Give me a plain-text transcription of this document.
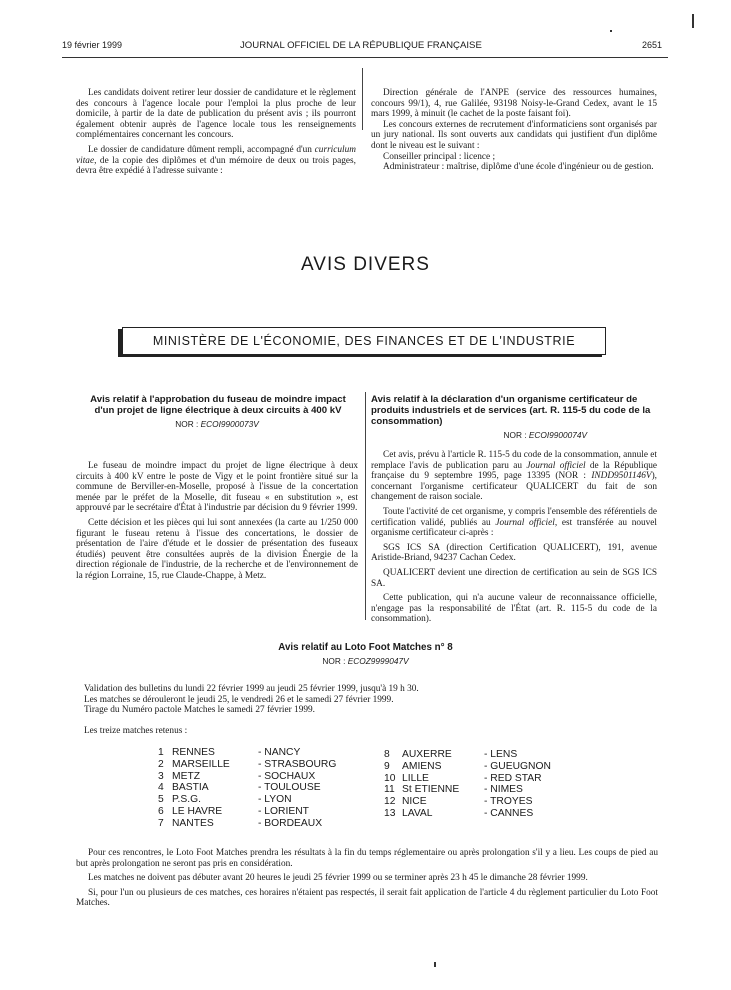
19 février 1999	JOURNAL OFFICIEL DE LA RÉPUBLIQUE FRANÇAISE	2651

Les candidats doivent retirer leur dossier de candidature et le règlement des concours à l'agence locale pour l'emploi la plus proche de leur domicile, à partir de la date de publication du présent avis ; ils pourront également obtenir auprès de l'agence locale tous les renseignements complémentaires concernant les concours.

Le dossier de candidature dûment rempli, accompagné d'un curriculum vitae, de la copie des diplômes et d'un mémoire de deux ou trois pages, devra être expédié à l'adresse suivante :

Direction générale de l'ANPE (service des ressources humaines, concours 99/1), 4, rue Galilée, 93198 Noisy-le-Grand Cedex, avant le 15 mars 1999, à minuit (le cachet de la poste faisant foi).

Les concours externes de recrutement d'informaticiens sont organisés par un jury national. Ils sont ouverts aux candidats qui justifient d'un diplôme dont le niveau est le suivant :

Conseiller principal : licence ;

Administrateur : maîtrise, diplôme d'une école d'ingénieur ou de gestion.

AVIS DIVERS
MINISTÈRE DE L'ÉCONOMIE, DES FINANCES ET DE L'INDUSTRIE

Avis relatif à l'approbation du fuseau de moindre impact d'un projet de ligne électrique à deux circuits à 400 kV

NOR : ECOI9900073V

Le fuseau de moindre impact du projet de ligne électrique à deux circuits à 400 kV entre le poste de Vigy et le point frontière situé sur la commune de Berviller-en-Moselle, proposé à l'issue de la concertation menée par le préfet de la Moselle, dit fuseau « en substitution », est approuvé par le secrétaire d'État à l'industrie par décision du 9 février 1999.

Cette décision et les pièces qui lui sont annexées (la carte au 1/250 000 figurant le fuseau retenu à l'issue des concertations, le dossier de présentation de l'aire d'étude et le dossier de présentation des fuseaux étudiés) peuvent être consultées auprès de la division Énergie de la direction régionale de l'industrie, de la recherche et de l'environnement de la région Lorraine, 15, rue Claude-Chappe, à Metz.

Avis relatif à la déclaration d'un organisme certificateur de produits industriels et de services (art. R. 115-5 du code de la consommation)

NOR : ECOI9900074V

Cet avis, prévu à l'article R. 115-5 du code de la consommation, annule et remplace l'avis de publication paru au Journal officiel de la République française du 9 septembre 1995, page 13395 (NOR : INDD9501146V), concernant l'organisme certificateur QUALICERT du fait de son changement de raison sociale.

Toute l'activité de cet organisme, y compris l'ensemble des référentiels de certification validé, publiés au Journal officiel, est transférée au nouvel organisme certificateur ci-après :

SGS ICS SA (direction Certification QUALICERT), 191, avenue Aristide-Briand, 94237 Cachan Cedex.

QUALICERT devient une direction de certification au sein de SGS ICS SA.

Cette publication, qui n'a aucune valeur de reconnaissance officielle, n'engage pas la responsabilité de l'État (art. R. 115-5 du code de la consommation).

Avis relatif au Loto Foot Matches n° 8
NOR : ECOZ9999047V

Validation des bulletins du lundi 22 février 1999 au jeudi 25 février 1999, jusqu'à 19 h 30.

Les matches se dérouleront le jeudi 25, le vendredi 26 et le samedi 27 février 1999.

Tirage du Numéro pactole Matches le samedi 27 février 1999.

Les treize matches retenus :

1 RENNES	- NANCY
2 MARSEILLE	- STRASBOURG
3 METZ	- SOCHAUX
4 BASTIA	- TOULOUSE
5 P.S.G.	- LYON
6 LE HAVRE	- LORIENT
7 NANTES	- BORDEAUX
8	AUXERRE	- LENS
9	AMIENS	- GUEUGNON
10 LILLE	- RED STAR
11 St ETIENNE	- NIMES
12 NICE	- TROYES
13 LAVAL	- CANNES

Pour ces rencontres, le Loto Foot Matches prendra les résultats à la fin du temps réglementaire ou après prolongation s'il y a lieu. Les coups de pied au but après prolongation ne seront pas pris en considération.

Les matches ne doivent pas débuter avant 20 heures le jeudi 25 février 1999 ou se terminer après 23 h 45 le dimanche 28 février 1999.

Si, pour l'un ou plusieurs de ces matches, ces horaires n'étaient pas respectés, il serait fait application de l'article 4 du règlement particulier du Loto Foot Matches.
